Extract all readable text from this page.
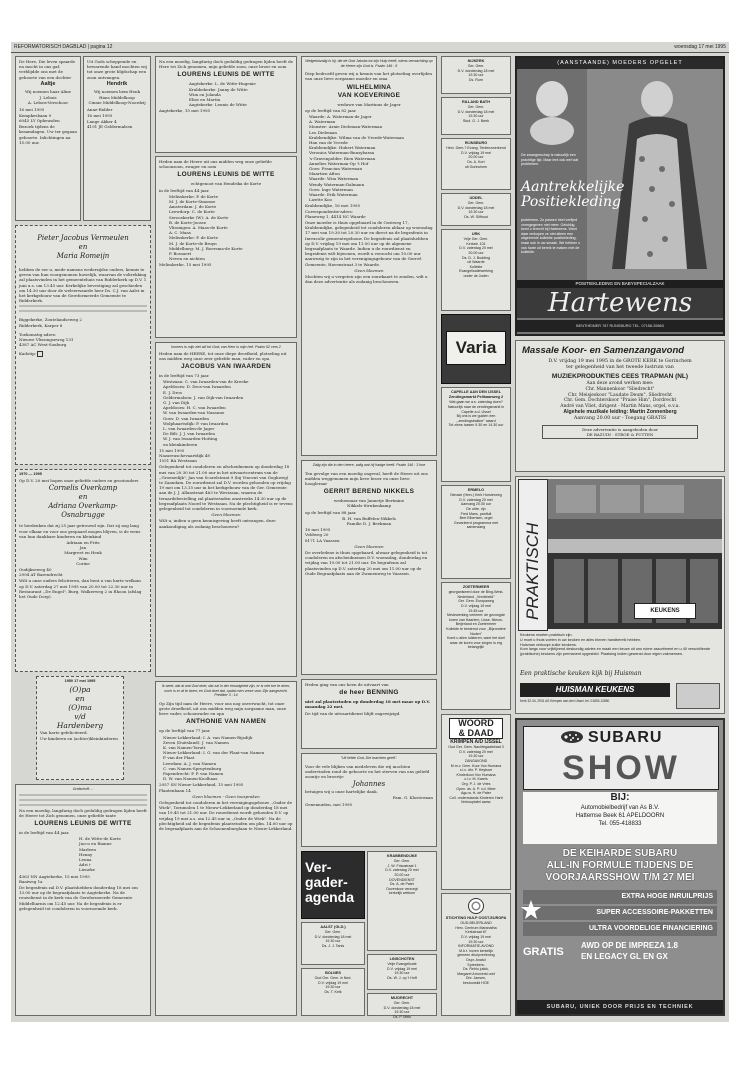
REFORMATORISCH DAGBLAD | pagina 12	woensdag 17 mei 1995

De Here, Die leven spaarde en mocht in ons gaf, verblijdde ons met de geboorte van een dochter

Aaltje

Wij noemen haar Aline

J. Lebois
A. Lebois-Verschoor

16 mei 1995

Kempkesbaan 9
6045 LY Opheusden

Bezoek tijdens de kraamdagen. Uw ter gegaan geboorte. Inlichtingen na 15.00 uur.

Uit Gods scheppende en bewarende hand mochten wij tot onze grote blijdschap een zoon ontvangen.

Hendrik

Wij noemen hem Henk

Hans Middelkoop
Cinnie Middelkoop-Noordzij

Anne-Ridder

16 mei 1995

Lange Akker 4
4191 JE Geldermalsen

Pieter Jacobus Vermeulen
en
Maria Romeijn

hebben de eer u, mede namens wederzijdse ouders, kennis te geven van hun voorgenomen huwelijk, waarvan de voltrekking zal plaatsvinden in het gemeentehuis van Ridderkerk op D.V. 1 juni a.s. om 13.45 uur. Kerkelijke bevestiging zal geschieden om 14.30 uur door de weleerwaarde heer Ds. C.J. van Aalst in het kerkgebouw van de Gereformeerde Gemeente te Ridderkerk.

Biggekerke, Zoutelandseweg 2
Ridderkerk, Karper 8

Toekomstig adres:
Nieuwe Vlissingseweg 131
4387 AC West-Souburg

Kadotip:

1970 — 1995

Op D.V. 20 mei hopen onze geliefde ouders en grootouders

Cornelis Overkamp
en
Adriana Overkamp-
Osnabrugge

te herdenken dat zij 25 jaar getrouwd zijn. Dat zij nog lang voor elkaar en voor ons gespaard mogen blijven, is de wens van hun dankbare kinderen en kleinkind

Adriaan en Frits
Jan
Margreet en Henk
Wim
Corine

Oudijkseweg 40
2994 AT Barendrecht

Wilt u onze ouders feliciteren, dan bent u van harte welkom op D.V. zaterdag 27 mei 1995 van 20.00 tot 22.30 uur in Restaurant ,,De Engel", Burg. Walkerweg 2 in Rhoon (afslag het Oude Dorp).

1950 17 mei 1995

(O)pa
en
(O)ma
v/d
Hardenberg

Van harte gefeliciteerd.

Uw kinderen en (achter)kleinkinderen

Grafschrift ...

Na een moedig, langdurig doch geduldig gedragen lijden heeft de Heere tot Zich genomen, onze geliefde tante

LOURENS LEUNIS DE WITTE

in de leeftijd van 44 jaar.

H. de Witte-de Korte
Jacco en Rianne
Marleen
Henny
Leuna
Adri †
Lieneke

4363 NN Aagtekerke, 15 mei 1995
Baaiweg 1a

De begrafenis zal D.V. plaatshebben donderdag 18 mei om 13.00 uur op de begraafplaats te Aagtekerke. Na de rouwdienst in de kerk van de Gereformeerde Gemeente Middelharnis om 12.45 uur. Na de begrafenis is er gelegenheid tot condoleren in voornoemde kerk.

Na een moedig, langdurig doch geduldig gedragen lijden heeft de Here tot Zich genomen, mijn geliefde zoon, onze broer en oom

LOURENS LEUNIS DE WITTE

Aagtekerke: L. de Witte-Hugenie
Krabbekerke: Janny de Witte
Wim en Jolanda
Elise en Martin
Aagtekerke: Leunis de Witte

Aagtekerke, 15 mei 1995

Heden nam de Heere uit ons midden weg onze geliefde schoonzoon, zwager en oom

LOURENS LEUNIS DE WITTE

echtgenoot van Hendrika de Korte

in de leeftijd van 44 jaar.

Melisskerke: P. de Korte
M. J. de Korte-Simonse
Amsterdam: J. de Korte
Leewdorp: C. de Korte
Serooskerke (W): A. de Korte
B. de Korte-Joosse
Vlissingen: A. Maas-de Korte
A. C. Maas
Melisskerke: P. de Korte
M. J. de Korte-de Bruyn
Middelburg: M. J. Boersma-de Korte
P. Bossaert
Neven en nichten

Melisskerke, 15 mei 1995

Immers is mijn ziel stil tot God; van Hem is mijn heil. Psalm 62 vers 2

Heden nam de HEERE, tot onze diepe droefheid, plotseling uit ons midden weg onze zeer geliefde man, vader en opa

JACOBUS VAN IWAARDEN

in de leeftijd van 73 jaar.

Westzaan: C. van Iwaarden-van de Kreeke
Apeldoorn: D. Dros-van Iwaarden
E. J. Dros
Geldermalsen: J. van Dijk-van Iwaarden
G. J. van Dijk
Apeldoorn: H. C. van Iwaarden
W. van Iwaarden-van Nasaune
Goes: D. van Iwaarden
Wolphaartsdijk: P. van Iwaarden
L. van Iwaarden-de Jager
De Bilt: J. J. van Iwaarden
W. J. van Iwaarden-Hotting
en kleinkinderen

15 mei 1995
Nazareuschevaartdijk 48
1551 BA Westzaan

Gelegenheid tot condoleren en afscheidnemen op donderdag 18 mei van 20.30 tot 21.00 uur in het uitvaartcentrum van de ,,Groenedijk", Jan van Scorelstraat 9 (bij Vincent van Goghweg) te Zaandam. De rouwdienst zal D.V. worden gehouden op vrijdag 19 mei om 13.15 uur in het kerkgebouw van de Ger. Gemeente aan de J. J. Allanstraat 463 te Westzaan, waarna de teraardebestelling zal plaatsvinden omstreeks 14.30 uur op de begraafplaats Noord te Westzaan. Na de plechtigheid is er tevens gelegenheid tot condoleren in voornoemde kerk.

Geen bloemen

Wilt u, indien u geen kennisgeving heeft ontvangen, deze aankondiging als zodanig beschouwen?

Ik weet, dat al wat God doet, dat zal in der eeuwigheid zijn, er is niet toe te doen, noch is er af te doen; en God doet dat, opdat men vreze voor Zijn aangezicht. Prediker 3 : 14

Op Zijn tijd nam de Heere, voor ons nog onverwacht, tot onze grote droefheid, uit ons midden weg mijn zorgzame man, onze lieve vader, schoonvader en opa

ANTHONIE VAN NAMEN

op de leeftijd van 77 jaar.

Nieuw-Lekkerland: I. A. van Namen-Rijsdijk
Zeven (Duitsland): J. van Namen
K. van Namen-Tarutt
Nieuw-Lekkerland: I. G. van der Plaat-van Namen
P. van der Plaat
Leerdam: A. J. van Namen
C. van Namen-Spruytenburg
Papendrecht: P. P. van Namen
D. W. van Namen-Koolhaas

2957 SN Nieuw-Lekkerland, 15 mei 1995
Plantenbaan 14

Geen bloemen - Geen toespraken

Gelegenheid tot condoleren in het verenigingsgebouw ,,Onder de Wiek", Tornmolen 1 te Nieuw-Lekkerland op donderdag 18 mei van 19.45 tot 21.00 uur. De rouwdienst wordt gehouden D.V. op vrijdag 19 mei a.s. om 12.45 uur in ,,Onder de Wiek". Na de plechtigheid zal de begrafenis plaatsvinden om plm. 14.00 uur op de begraafplaats aan de Schoonenburglaan te Nieuw-Lekkerland.

Welgelukzalig is hij, die de God Jakobs tot zijn Hulp heeft, wiens verwachting op de Heere zijn God is. Psalm 146 : 5

Diep bedroefd geven wij u kennis van het plotseling overlijden van onze lieve zorgzame moeder en oma

WILHELMINA
VAN KOEVERINGE

weduwe van Martinus de Jager

op de leeftijd van 82 jaar.

Waarde: A. Waterman-de Jager
A. Waterman
Monster: Arnie Dieleman-Waterman
Leo Dieleman
Krabbendijke: Wilma van de Vreede-Waterman
Han van de Vreede
Krabbendijke: Hubert Waterman
Veronica Waterman-Bunsybaraa
's-Gravenpolder: Rien Waterman
Annelies Waterman-Op 't Hof
Goes: Franciun Waterman
Maartien Afton
Waarde: Wim Waterman
Wendy Waterman-Dalmann
Goes: Inge Waterman
Waarde: Erik Waterman
Lizette Koo

Krabbendijke, 16 mei 1995
Correspondentie-adres:
Planeweg 1, 4414 NC Waarde

Onze moeder is thuis opgebaard in de Oostweg 17, Krabbendijke, gelegenheid tot condoleren aldaar op woensdag 17 mei van 19.30 tot 20.30 uur en direct na de begrafenis in Inrexcolir gemeentegebouw. De begrafenis zal plaatshebben op D.V. vrijdag 19 mei om 11.00 uur op de algemene begraafplaats te Waarde. Indien u de rouwdienst en begrafenis wilt bijwonen, wordt u verzocht om 10.00 uur aanwezig te zijn in het verenigingsgebouw van de Gerref. Gemeente, Havenstraat 3 te Waarde.

Geen bloemen

Mochten wij u vergeten zijn een rouwkaart te zenden, wilt u dan deze advertentie als zodanig beschouwen.

Zalig zijn die in den heere, zalig wat hij hadge heeft. Psalm 146 : 3 hoe

Ten gevolge van een moedig ongeval, heeft de Heere uit ons midden weggenomen mijn lieve broer en onze lieve hoogleraar

GERRIT BEREND NIKKELS

weduwnaar van Jannetje Bertmine
Nikkels-Strukenkamp

op de leeftijd van 88 jaar.

B. H. van Buffelen-Nikkels
Familie D. J. Beekman

16 mei 1995
Veldweg 20
8171 LA Vaassen

Geen bloemen

De overledene is thuis opgebaard, alwaar gelegenheid is tot condoleren en afscheidnemen D.V. woensdag, donderdag en vrijdag van 19.00 tot 21.00 uur. De begrafenis zal plaatsvinden op D.V. zaterdag 20 mei om 11.00 uur op de Oude Begraafplaats aan de Zwanenweg te Vaassen.

Heden ging van ons heen de uitvaart van

de heer BENNING

niet zal plaatsvinden op donderdag 18 mei maar op D.V. maandag 22 mei.

De tijd van de uitvaartdienst blijft ongewijzigd.

"Uit liefde God, Die brachten geeft".

Voor de vele blijken van medeleven die wij mochten ondervinden rond de geboorte en het sterven van ons geliefd zoontje en broertje

Johannes

betuigen wij u onze hartelijke dank.

Fam. G. Klosterman

Genemuiden, mei 1995

Ver-
gader-
agenda
KRABBENDIJKE

Ger. Gem.
J. W. Frisostraat 1
D.V. zaterdag 20 mei
20.00 uur
DOVENDIENST
Ds. A. de Pater
Dovenkoor verzorgt
kerkelijk welkom

AALST (GLD.)

Ger. Gem.
D.V. donderdag 18 mei
19.30 uur
Ds. J. J. Tanis

LINSCHOTEN

Veije Evangelicale
D.V. vrijdag 19 mei
19.30 uur
Ds. W. J. op 't Hoff

BOLNES

Oud Ger. Gem. in Ned.
D.V. vrijdag 19 mei
19.30 uur
Ds. T. Kelk

MIJDRECHT

Ger. Gem.
D.V. donderdag 18 mei
19.30 uur
Ds. P. Mels

NIJKERK

Ger. Gem.
D.V. donderdag 18 mei
19.30 uur
Ds. Rorn

RILLAND BATH

Ger. Gem.
D.V. donderdag 18 mei
19.30 uur
Stud. G. J. Beek

RIJNSBURG

Herv. Gem.? Evang. Tentenzwerkend
D.V. vrijdag 19 mei
20.00 uur
Ds. A. Kort
uit Gorinchem

UDDEL

Ger. Gem.
D.V. donderdag 18 mei
19.30 uur
Ds. W. Silfhout

URK

Vrije Ger. Gem.
Kerkstr. 101
D.V. zaterdag 20 mei
20.00 uur
Ds. D. J. Budding
uit Waarde
Kollekte
Evangelisatiewerking
onder de Joden

Varia
CAPELLE AAN DEN IJSSEL
Zendingsmarkt Pelikaanweg 2

Wat gaan we a.s. zaterdag doen?
Natuurlijk naar de zendingsmarkt in Capelle a.d. IJssel
Bij ons is we gulden een ,,zendingsbakker" waard
Tot ziens tussen 9.30 en 14.30 uur

ERMELO

Nieuwe (Herv.) Kerk Horsterweg
D.V. zaterdag 20 mei
Aanvang 20.00 uur
De ultre. rijn
Fred Mans, panfluit
Bert Elbertsen, orgel
Gevarieerd programma met samenzang

ZOETERMEER

georganiseerd door de Bing-West-Nederland ,,Vredebeld"
Ger. Gem. Europaweg
D.V. vrijdag 19 mei
19.45 uur
Medewerking verleent: de gezongde koren van Haarlem, Lisse, Nieuw-Beijerland en Zoetermeer
Kollekte te bestemd voor ,,Bijzondere Noden"
Komt u allen luisteren, want het doel waar de koren voor zingen is erg belangrijk!

WOORD
& DAAD
KRIMPEN A/D IJSSEL

Oud Ger. Gem. Nachtegaalstraat 3
D.V. zaterdag 20 mei
19.30 uur
ZANGAVOND
M.m.v. Gem. Koor Vox Humana
c.l.v. dhr. P. Heyboer
Kinderkoor Vox Humana
c.l.v. M. Karels
Org. P. J. de Vries
Open. ds. A. P. v.d. Meer
Agu.w. H. de Pater
Coll. onderrstands Kinderen Harti
Verkooptafel aanw.

STICHTING HULP OOST-EUROPA

OUD-BEIJERLAND
Herv. Centrum Maranatha
Kerkstraat 67
D.V. vrijdag 19 mei
19.30 uur
INFORMATIE-AVOND
M.b.t. hoven kerkelijk
gemeen dhulpverlening
Dspr. Anatol
Spreekers:
Ds. Rehlu jutick,
Margaret Arnoverst uret
Dhr. Jansen,
bestuurslid HOE

(AANSTAANDE) MOEDERS OPGELET
De zwangerschap is natuurlijk een prachtige tijd. Maar lent ook wel wat problemen.
Aantrekkelijke
Positiekleding
problemen. Zo passen heel verfijnd vormgegeven niet meer. Gelukkig komt u terecht bij Hartewens. Want daar verkopen ze niet alleen een uitgebreide kollektie positiekleding, maar ook in uw smaak. We hebben u van harte uit bereik te maken met de kollektie.
POSITIEKLEDING EN BABYSPECIALZAAK
Hartewens
BENTHEIMER 787 RIJNSBURG TEL. 07158-39863
Massale Koor- en Samenzangavond
D.V. vrijdag 19 mei 1995 in de GROTE KERK te Gorinchem
ter gelegenheid van het tweede lustrum van
MUZIEKPRODUKTIES CEES TRAPMAN (NL)
Aan deze avond werken mee:
Chr. Mannenkoor "Sliedrecht"
Chr. Meisjeskoor "Laudate Deum", Sliedrecht
Chr. Gem. Dochterskoor "Praise Him", Dordrecht
André van Vliet, dirigent - Martin Mans, orgel, e.v.a.
Algehele muzikale leiding: Martin Zonnenberg
Aanvang 20.00 uur - Toegang GRATIS
Deze advertentie is aangeboden door
DE BAZUIN · STROE & PUTTEN
PRAKTISCH	KEUKENS
Keukens moeten praktisch zijn.
U moet u thuis voelen in uw keuken en alles binnen handbereik hebben.
Huisman verkoopt zulke keukens.
Kom langs voor vrijblijvend deskundig advies en maak een keuze uit ons ruime assortiment en u 40 verschillende (praktische) keukens zijn permanent opgesteld. Plaatsing indien gewenst door eigen vakmensen.
Een praktische keuken kijk bij Huisman
HUISMAN KEUKENS
Kerk 32-34, 2931 AS Krimpen aan den IJssel, tel. 01803-12850
SUBARU
SHOW
BIJ:
Automobielbedrijf van As B.V.
Hattemse Beek 61 APELDOORN
Tel. 055-418833
DE KEIHARDE SUBARU
ALL-IN FORMULE TIJDENS DE
VOORJAARSSHOW T/M 27 MEI
EXTRA HOGE INRUILPRIJS
SUPER ACCESSOIRE-PAKKETTEN
ULTRA VOORDELIGE FINANCIERING
GRATIS
AWD OP DE IMPREZA 1.8
EN LEGACY GL EN GX
SUBARU, UNIEK DOOR PRIJS EN TECHNIEK
